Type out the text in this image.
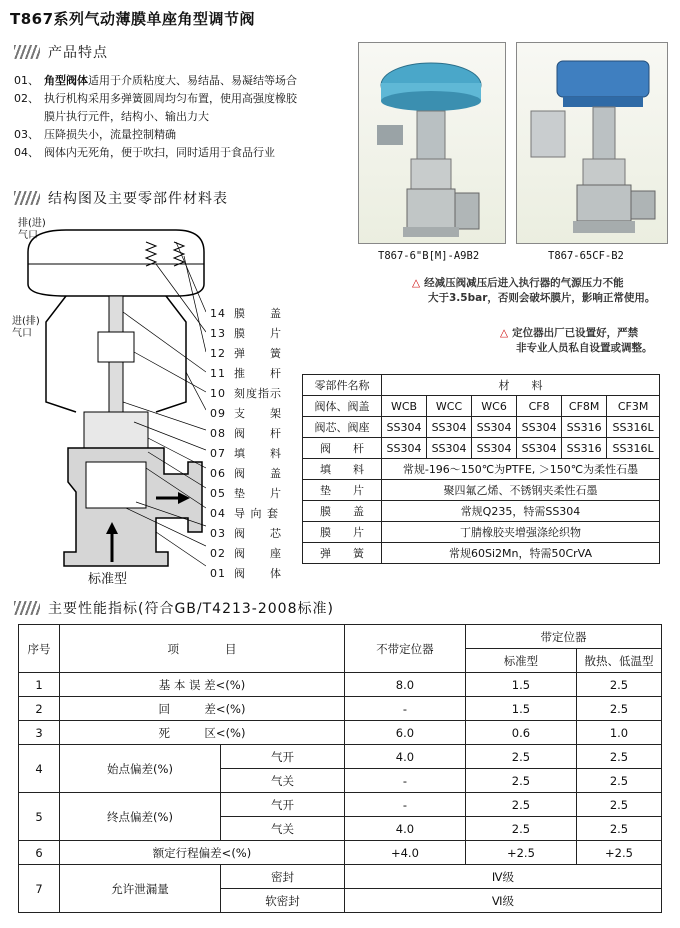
T867系列气动薄膜单座角型调节阀
产品特点
01、 角型阀体适用于介质粘度大、易结晶、易凝结等场合
02、 执行机构采用多弹簧圆周均匀布置，使用高强度橡胶
膜片执行元件，结构小、输出力大
03、 压降损失小，流量控制精确
04、 阀体内无死角，便于吹扫，同时适用于食品行业
结构图及主要零部件材料表
T867-6"B[M]-A9B2	T867-65CF-B2
△ 经减压阀减压后进入执行器的气源压力不能
大于3.5bar，否则会破坏膜片，影响正常使用。
△ 定位器出厂已设置好，严禁
非专业人员私自设置或调整。
排(进)
气口
进(排)
气口
标准型
14 膜　　盖
13 膜　　片
12 弹　　簧
11 推　　杆
10 刻度指示
09 支　　架
08 阀　　杆
07 填　　料
06 阀　　盖
05 垫　　片
04 导 向 套
03 阀　　芯
02 阀　　座
01 阀　　体
零部件名称	材　　料					
阀体、阀盖	WCB	WCC	WC6	CF8	CF8M	CF3M
阀芯、阀座	SS304	SS304	SS304	SS304	SS316	SS316L
阀　　杆	SS304	SS304	SS304	SS304	SS316	SS316L
填　　料	常规-196～150℃为PTFE, ＞150℃为柔性石墨					
垫　　片	聚四氟乙烯、不锈钢夹柔性石墨					
膜　　盖	常规Q235，特需SS304					
膜　　片	丁腈橡胶夹增强涤纶织物					
弹　　簧	常规60Si2Mn，特需50CrVA					
主要性能指标(符合GB/T4213-2008标准)
序号	项　　　　目		不带定位器	带定位器	
				标准型	散热、低温型
1	基 本 误 差<(%)		8.0	1.5	2.5
2	回　　　差<(%)		-	1.5	2.5
3	死　　　区<(%)		6.0	0.6	1.0
4	始点偏差(%)	气开	4.0	2.5	2.5
		气关	-	2.5	2.5
5	终点偏差(%)	气开	-	2.5	2.5
		气关	4.0	2.5	2.5
6	额定行程偏差<(%)		+4.0	+2.5	+2.5
7	允许泄漏量	密封	Ⅳ级		
		软密封	Ⅵ级		
